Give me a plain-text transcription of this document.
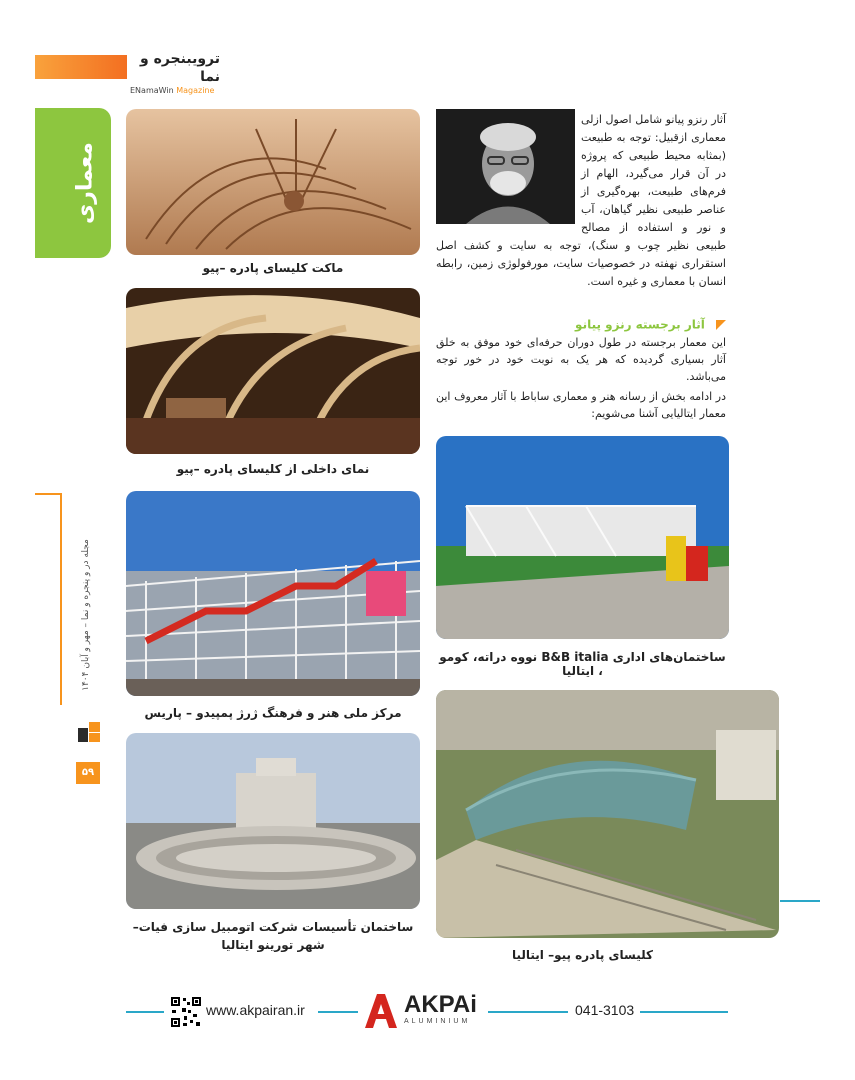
ترویبنجره و نما
ENamaWin Magazine
معماری
مجله در و پنجره و نما – مهر و آبان ۱۴۰۴
۵۹
آثار رنزو پیانو شامل اصول ازلی معماری ازقبیل: توجه به طبیعت (بمثابه محیط طبیعی که پروژه در آن قرار می‌گیرد، الهام از فرم‌های طبیعت، بهره‌گیری از عناصر طبیعی نظیر گیاهان، آب و نور و استفاده از مصالح طبیعی نظیر چوب و سنگ)، توجه به سایت و کشف اصل استقراری نهفته در خصوصیات سایت، مورفولوژی زمین، رابطه انسان با معماری و غیره است.
آثار برجسته رنزو پیانو
این معمار برجسته در طول دوران حرفه‌ای خود موفق به خلق آثار بسیاری گردیده که هر یک به نوبت خود در خور توجه می‌باشد.
در ادامه بخش از رسانه هنر و معماری ساباط با آثار معروف این معمار ایتالیایی آشنا می‌شویم:
ماکت کلیسای پادره –پیو
نمای داخلی از کلیسای پادره –پیو
مرکز ملی هنر و فرهنگ ژرژ پمپیدو – پاریس
ساختمان تأسیسات شرکت اتومبیل سازی فیات–شهر تورینو ایتالیا
ساختمان‌های اداری B&B italia نووه دراته، کومو ، ایتالیا
کلیسای پادره پیو– ایتالیا
www.akpairan.ir	AKPAi
ALUMINIUM
041-3103
